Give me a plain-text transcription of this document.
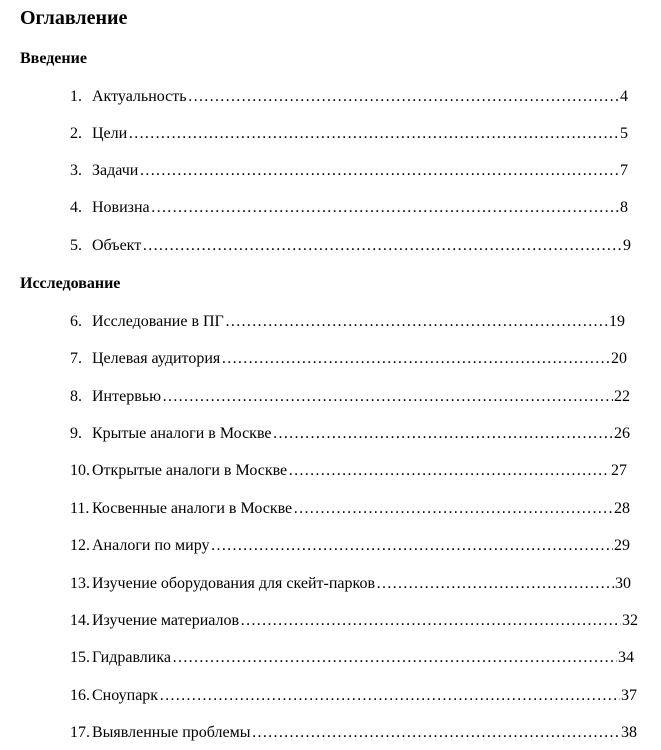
Оглавление
Введение
1. Актуальность ……………………………………………………………………………………………………………………………………………………	4
2. Цели ……………………………………………………………………………………………………………………………………………………	5
3. Задачи ……………………………………………………………………………………………………………………………………………………	7
4. Новизна ……………………………………………………………………………………………………………………………………………………	8
5. Объект ……………………………………………………………………………………………………………………………………………………	9
Исследование
6. Исследование в ПГ ……………………………………………………………………………………………………………………………………………………	19
7. Целевая аудитория ……………………………………………………………………………………………………………………………………………………	20
8. Интервью ……………………………………………………………………………………………………………………………………………………	22
9. Крытые аналоги в Москве ……………………………………………………………………………………………………………………………………………………	26
10. Открытые аналоги в Москве ……………………………………………………………………………………………………………………………………………………	27
11. Косвенные аналоги в Москве ……………………………………………………………………………………………………………………………………………………	28
12. Аналоги по миру ……………………………………………………………………………………………………………………………………………………	29
13. Изучение оборудования для скейт-парков ……………………………………………………………………………………………………………………………………………………	30
14. Изучение материалов ……………………………………………………………………………………………………………………………………………………	32
15. Гидравлика ……………………………………………………………………………………………………………………………………………………	34
16. Сноупарк ……………………………………………………………………………………………………………………………………………………	37
17. Выявленные проблемы ……………………………………………………………………………………………………………………………………………………	38
